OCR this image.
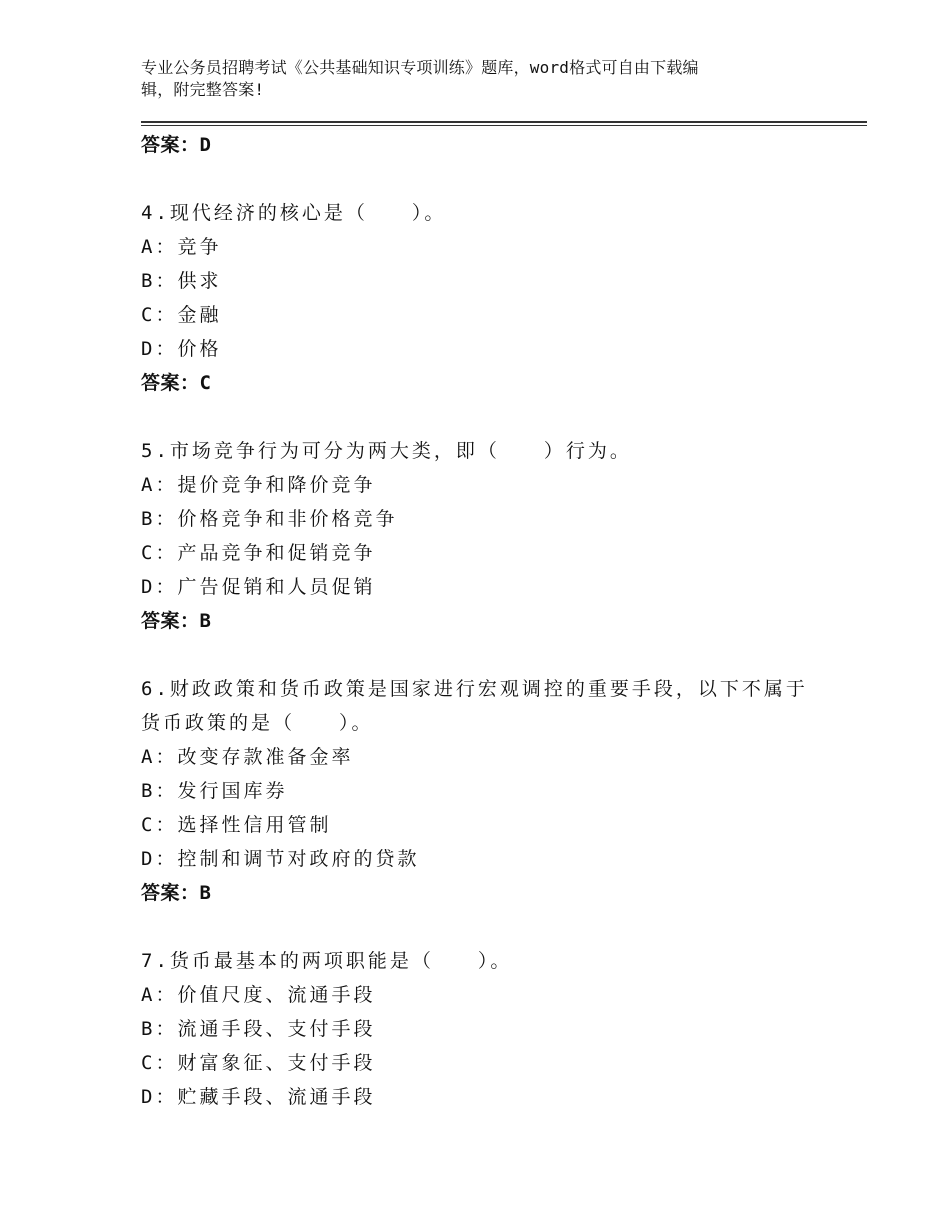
专业公务员招聘考试《公共基础知识专项训练》题库，word格式可自由下载编
辑，附完整答案!
答案：D
4.现代经济的核心是（　　）。
A：竞争
B：供求
C：金融
D：价格
答案：C
5.市场竞争行为可分为两大类，即（　　）行为。
A：提价竞争和降价竞争
B：价格竞争和非价格竞争
C：产品竞争和促销竞争
D：广告促销和人员促销
答案：B
6.财政政策和货币政策是国家进行宏观调控的重要手段，以下不属于
货币政策的是（　　）。
A：改变存款准备金率
B：发行国库券
C：选择性信用管制
D：控制和调节对政府的贷款
答案：B
7.货币最基本的两项职能是（　　）。
A：价值尺度、流通手段
B：流通手段、支付手段
C：财富象征、支付手段
D：贮藏手段、流通手段
